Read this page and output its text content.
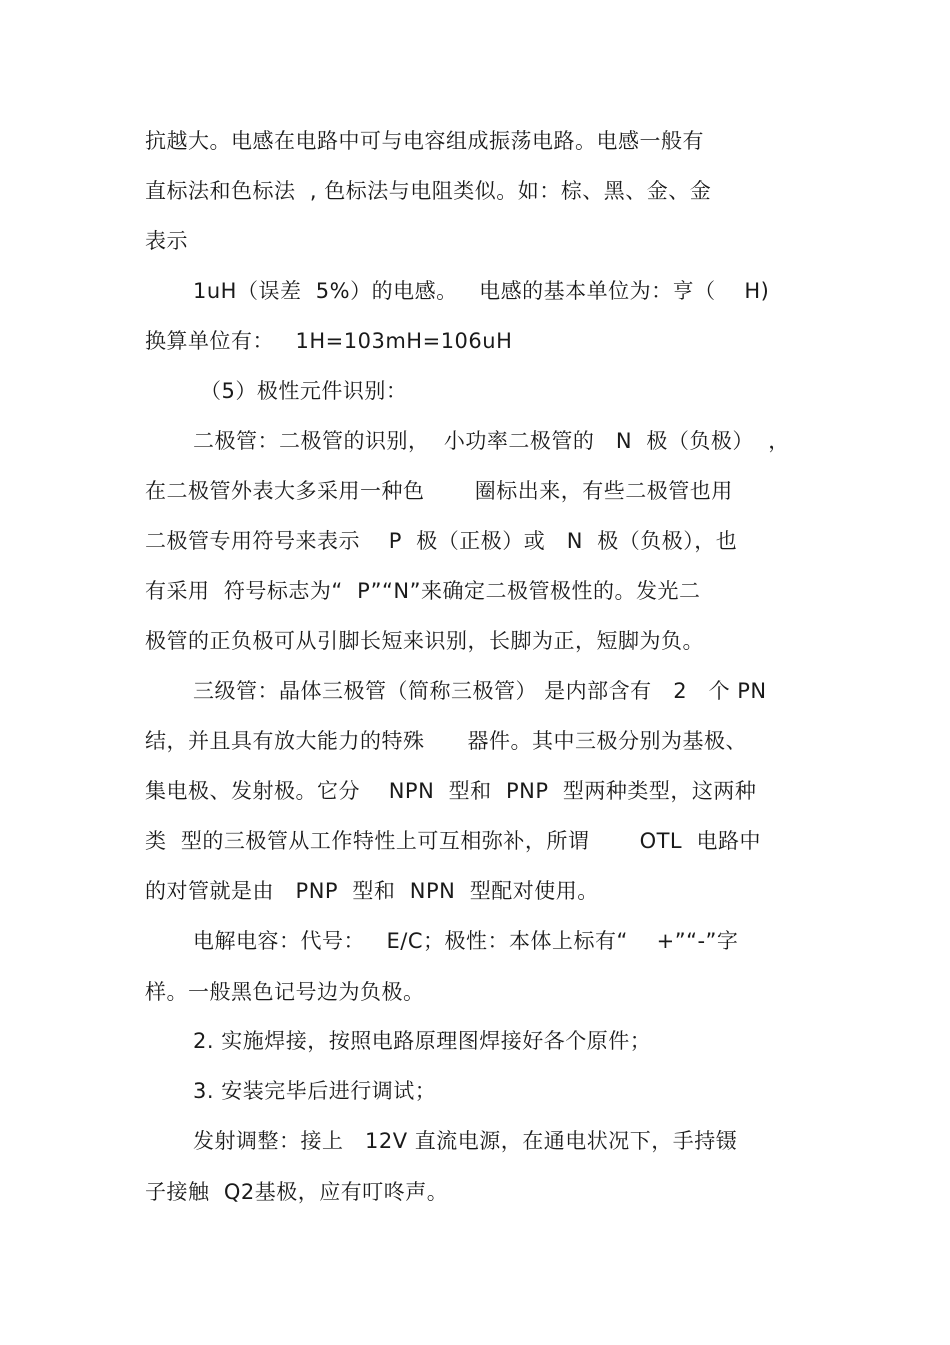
抗越大。电感在电路中可与电容组成振荡电路。电感一般有
直标法和色标法  , 色标法与电阻类似。如：棕、黑、金、金
表示
1uH（误差  5%）的电感。   电感的基本单位为：亨（    H)
换算单位有：   1H=103mH=106uH
（5）极性元件识别：
二极管：二极管的识别，  小功率二极管的   N  极（负极）  ，
在二极管外表大多采用一种色       圈标出来，有些二极管也用
二极管专用符号来表示    P  极（正极）或   N  极（负极），也
有采用  符号标志为“  P”“N”来确定二极管极性的。发光二
极管的正负极可从引脚长短来识别，长脚为正，短脚为负。
三级管：晶体三极管（简称三极管） 是内部含有   2   个 PN
结，并且具有放大能力的特殊      器件。其中三极分别为基极、
集电极、发射极。它分    NPN  型和  PNP  型两种类型，这两种
类  型的三极管从工作特性上可互相弥补，所谓       OTL  电路中
的对管就是由   PNP  型和  NPN  型配对使用。
电解电容：代号：   E/C；极性：本体上标有“    +”“-”字
样。一般黑色记号边为负极。
2. 实施焊接，按照电路原理图焊接好各个原件；
3. 安装完毕后进行调试；
发射调整：接上   12V 直流电源，在通电状况下，手持镊
子接触  Q2基极，应有叮咚声。
